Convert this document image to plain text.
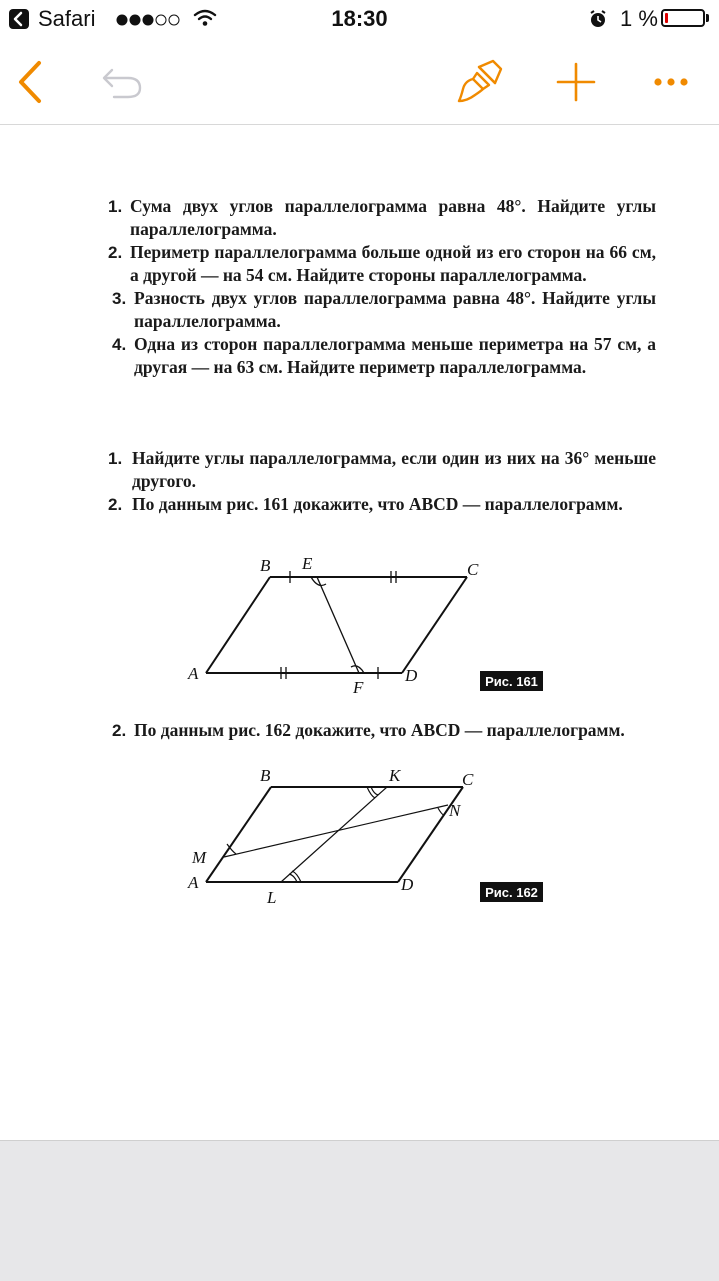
Safari	18:30	1 %

1. Сума двух углов параллелограмма равна 48°. Найдите углы параллелограмма.

2. Периметр параллелограмма больше одной из его сторон на 66 см, а другой — на 54 см. Найдите стороны параллелограмма.

3. Разность двух углов параллелограмма равна 48°. Найдите углы параллелограмма.

4. Одна из сторон параллелограмма меньше периметра на 57 см, а другая — на 63 см. Найдите периметр параллелограмма.

1. Найдите углы параллелограмма, если один из них на 36° меньше другого.

2. По данным рис. 161 докажите, что ABCD — параллелограмм.

B E	C
A
F
D	Рис. 161

2. По данным рис. 162 докажите, что ABCD — параллелограмм.

B	K	C
N
M
A
L
D	Рис. 162
